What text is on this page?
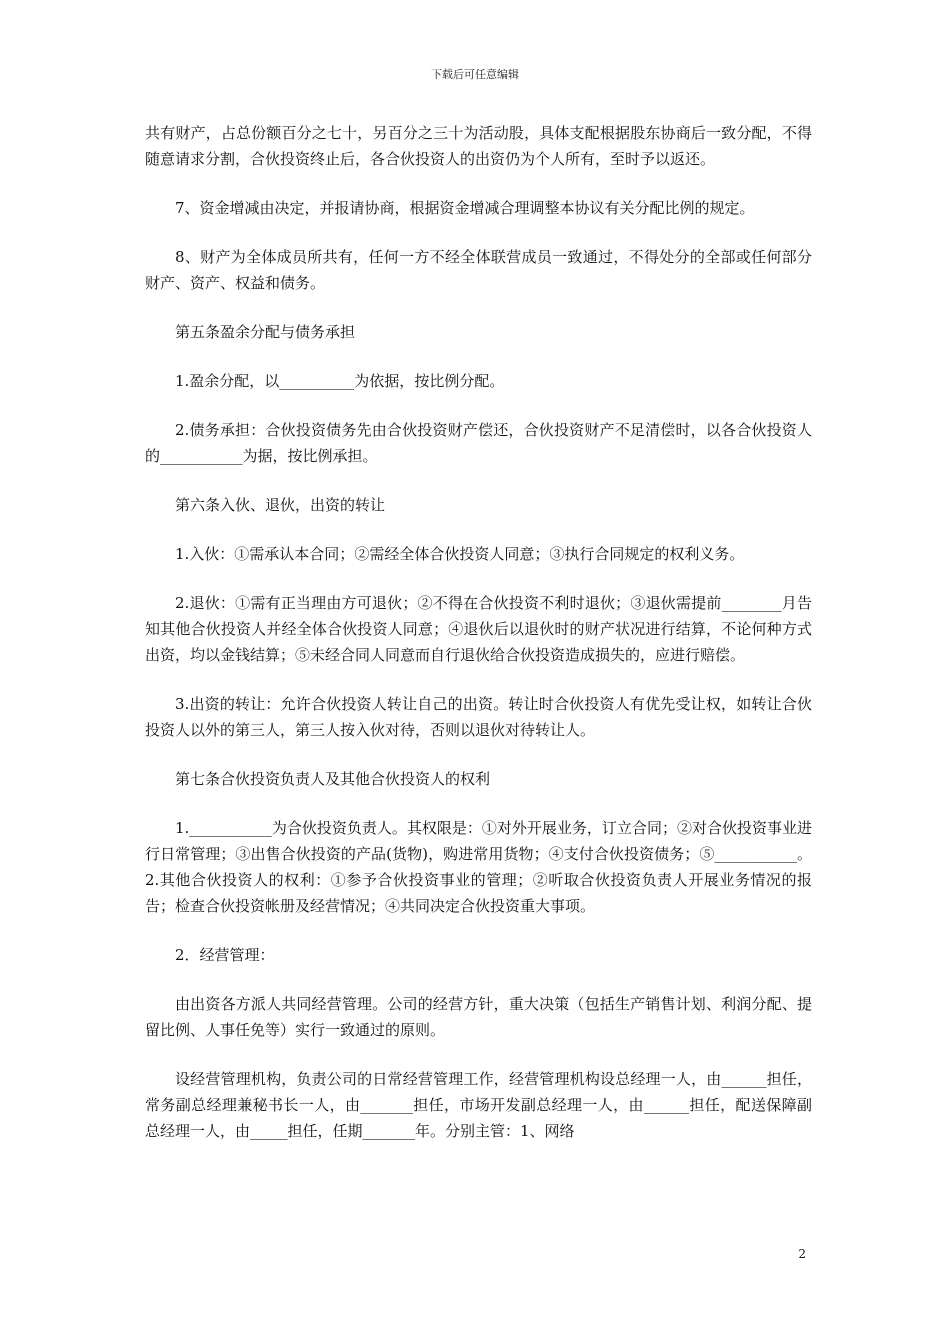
下载后可任意编辑

共有财产，占总份额百分之七十，另百分之三十为活动股，具体支配根据股东协商后一致分配，不得随意请求分割，合伙投资终止后，各合伙投资人的出资仍为个人所有，至时予以返还。

7、资金增减由决定，并报请协商，根据资金增减合理调整本协议有关分配比例的规定。

8、财产为全体成员所共有，任何一方不经全体联营成员一致通过，不得处分的全部或任何部分财产、资产、权益和债务。

第五条盈余分配与债务承担

1.盈余分配，以__________为依据，按比例分配。

2.债务承担：合伙投资债务先由合伙投资财产偿还，合伙投资财产不足清偿时，以各合伙投资人的___________为据，按比例承担。

第六条入伙、退伙，出资的转让

1.入伙：①需承认本合同；②需经全体合伙投资人同意；③执行合同规定的权利义务。

2.退伙：①需有正当理由方可退伙；②不得在合伙投资不利时退伙；③退伙需提前________月告知其他合伙投资人并经全体合伙投资人同意；④退伙后以退伙时的财产状况进行结算，不论何种方式出资，均以金钱结算；⑤未经合同人同意而自行退伙给合伙投资造成损失的，应进行赔偿。

3.出资的转让：允许合伙投资人转让自己的出资。转让时合伙投资人有优先受让权，如转让合伙投资人以外的第三人，第三人按入伙对待，否则以退伙对待转让人。

第七条合伙投资负责人及其他合伙投资人的权利

1.___________为合伙投资负责人。其权限是：①对外开展业务，订立合同；②对合伙投资事业进行日常管理；③出售合伙投资的产品(货物)，购进常用货物；④支付合伙投资债务；⑤___________。2.其他合伙投资人的权利：①参予合伙投资事业的管理；②听取合伙投资负责人开展业务情况的报告；检查合伙投资帐册及经营情况；④共同决定合伙投资重大事项。

2．经营管理：

由出资各方派人共同经营管理。公司的经营方针，重大决策（包括生产销售计划、利润分配、提留比例、人事任免等）实行一致通过的原则。

设经营管理机构，负责公司的日常经营管理工作，经营管理机构设总经理一人，由______担任，常务副总经理兼秘书长一人，由_______担任，市场开发副总经理一人，由______担任，配送保障副总经理一人，由_____担任，任期_______年。分别主管：1、网络

2
